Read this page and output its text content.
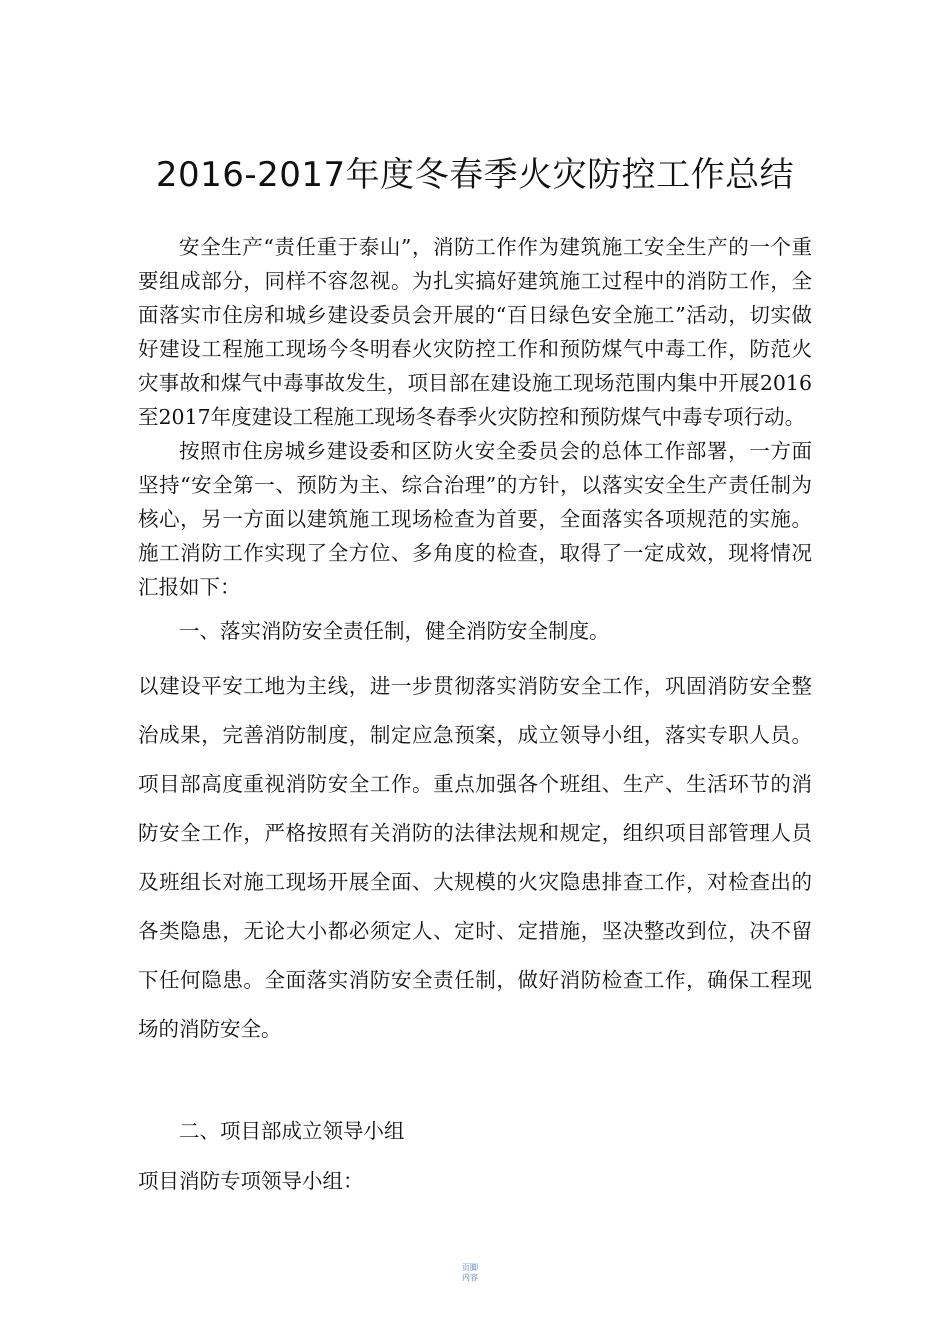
2016-2017年度冬春季火灾防控工作总结

安全生产“责任重于泰山”，消防工作作为建筑施工安全生产的一个重要组成部分，同样不容忽视。为扎实搞好建筑施工过程中的消防工作，全面落实市住房和城乡建设委员会开展的“百日绿色安全施工”活动，切实做好建设工程施工现场今冬明春火灾防控工作和预防煤气中毒工作，防范火灾事故和煤气中毒事故发生，项目部在建设施工现场范围内集中开展2016至2017年度建设工程施工现场冬春季火灾防控和预防煤气中毒专项行动。

按照市住房城乡建设委和区防火安全委员会的总体工作部署，一方面坚持“安全第一、预防为主、综合治理”的方针，以落实安全生产责任制为核心，另一方面以建筑施工现场检查为首要，全面落实各项规范的实施。施工消防工作实现了全方位、多角度的检查，取得了一定成效，现将情况汇报如下：

一、落实消防安全责任制，健全消防安全制度。

以建设平安工地为主线，进一步贯彻落实消防安全工作，巩固消防安全整治成果，完善消防制度，制定应急预案，成立领导小组，落实专职人员。项目部高度重视消防安全工作。重点加强各个班组、生产、生活环节的消防安全工作，严格按照有关消防的法律法规和规定，组织项目部管理人员及班组长对施工现场开展全面、大规模的火灾隐患排查工作，对检查出的各类隐患，无论大小都必须定人、定时、定措施，坚决整改到位，决不留下任何隐患。全面落实消防安全责任制，做好消防检查工作，确保工程现场的消防安全。

二、项目部成立领导小组

项目消防专项领导小组：

页脚
内容
